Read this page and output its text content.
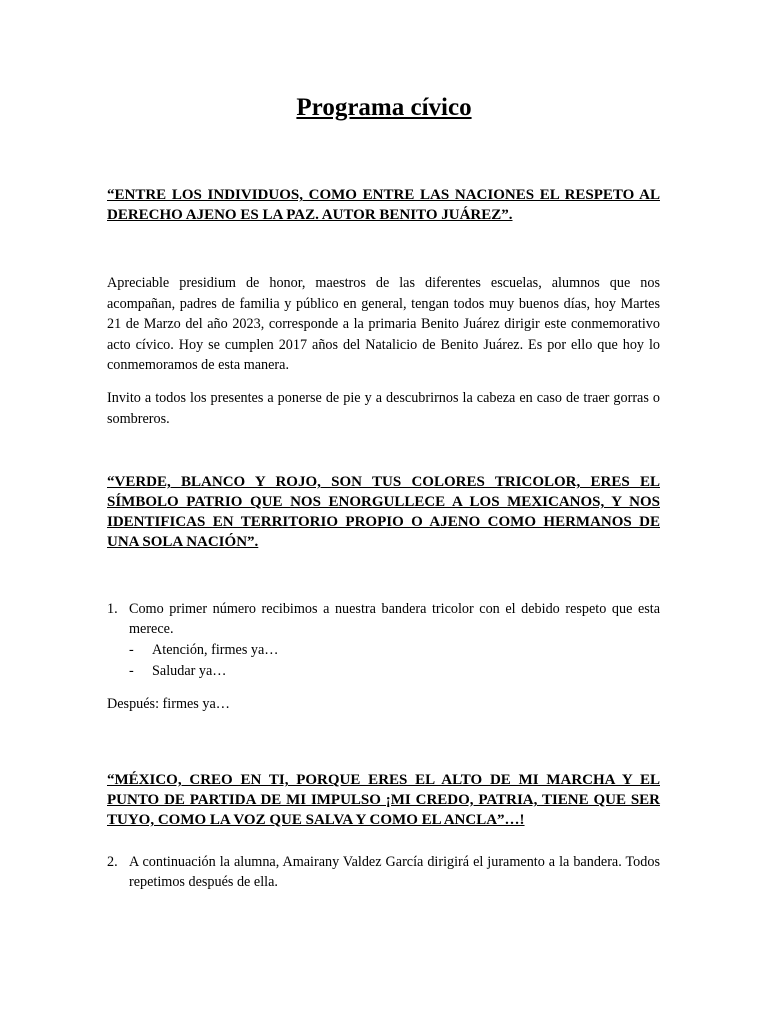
Programa cívico

“ENTRE LOS INDIVIDUOS, COMO ENTRE LAS NACIONES EL RESPETO AL DERECHO AJENO ES LA PAZ. AUTOR BENITO JUÁREZ”.

Apreciable presidium de honor, maestros de las diferentes escuelas, alumnos que nos acompañan, padres de familia y público en general, tengan todos muy buenos días, hoy Martes 21 de Marzo del año 2023, corresponde a la primaria Benito Juárez dirigir este conmemorativo acto cívico. Hoy se cumplen 2017 años del Natalicio de Benito Juárez. Es por ello que hoy lo conmemoramos de esta manera.

Invito a todos los presentes a ponerse de pie y a descubrirnos la cabeza en caso de traer gorras o sombreros.

“VERDE, BLANCO Y ROJO, SON TUS COLORES TRICOLOR, ERES EL SÍMBOLO PATRIO QUE NOS ENORGULLECE A LOS MEXICANOS, Y NOS IDENTIFICAS EN TERRITORIO PROPIO O AJENO COMO HERMANOS DE UNA SOLA NACIÓN”.

1. Como primer número recibimos a nuestra bandera tricolor con el debido respeto que esta merece.

- Atención, firmes ya…
- Saludar ya…
Después: firmes ya…

“MÉXICO, CREO EN TI, PORQUE ERES EL ALTO DE MI MARCHA Y EL PUNTO DE PARTIDA DE MI IMPULSO ¡MI CREDO, PATRIA, TIENE QUE SER TUYO, COMO LA VOZ QUE SALVA Y COMO EL ANCLA”…!

2. A continuación la alumna, Amairany Valdez García dirigirá el juramento a la bandera. Todos repetimos después de ella.
